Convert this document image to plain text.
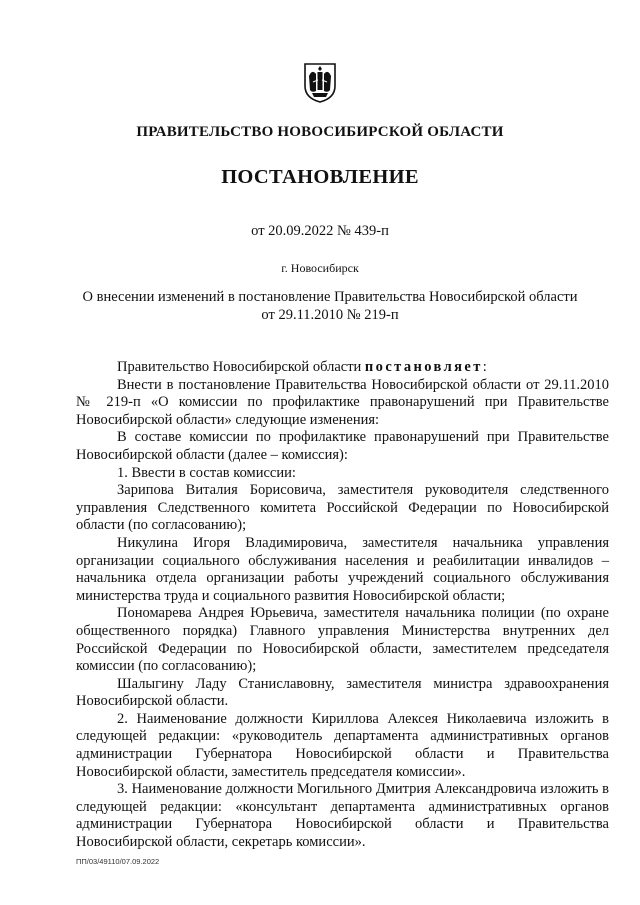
ПРАВИТЕЛЬСТВО НОВОСИБИРСКОЙ ОБЛАСТИ
ПОСТАНОВЛЕНИЕ
от 20.09.2022 № 439-п
г. Новосибирск
О внесении изменений в постановление Правительства Новосибирской области
от 29.11.2010 № 219-п

Правительство Новосибирской области постановляет:

Внести в постановление Правительства Новосибирской области от 29.11.2010 № 219-п «О комиссии по профилактике правонарушений при Правительстве Новосибирской области» следующие изменения:

В составе комиссии по профилактике правонарушений при Правительстве Новосибирской области (далее – комиссия):

1. Ввести в состав комиссии:

Зарипова Виталия Борисовича, заместителя руководителя следственного управления Следственного комитета Российской Федерации по Новосибирской области (по согласованию);

Никулина Игоря Владимировича, заместителя начальника управления организации социального обслуживания населения и реабилитации инвалидов – начальника отдела организации работы учреждений социального обслуживания министерства труда и социального развития Новосибирской области;

Пономарева Андрея Юрьевича, заместителя начальника полиции (по охране общественного порядка) Главного управления Министерства внутренних дел Российской Федерации по Новосибирской области, заместителем председателя комиссии (по согласованию);

Шалыгину Ладу Станиславовну, заместителя министра здравоохранения Новосибирской области.

2. Наименование должности Кириллова Алексея Николаевича изложить в следующей редакции: «руководитель департамента административных органов администрации Губернатора Новосибирской области и Правительства Новосибирской области, заместитель председателя комиссии».

3. Наименование должности Могильного Дмитрия Александровича изложить в следующей редакции: «консультант департамента административных органов администрации Губернатора Новосибирской области и Правительства Новосибирской области, секретарь комиссии».

ПП/03/49110/07.09.2022
